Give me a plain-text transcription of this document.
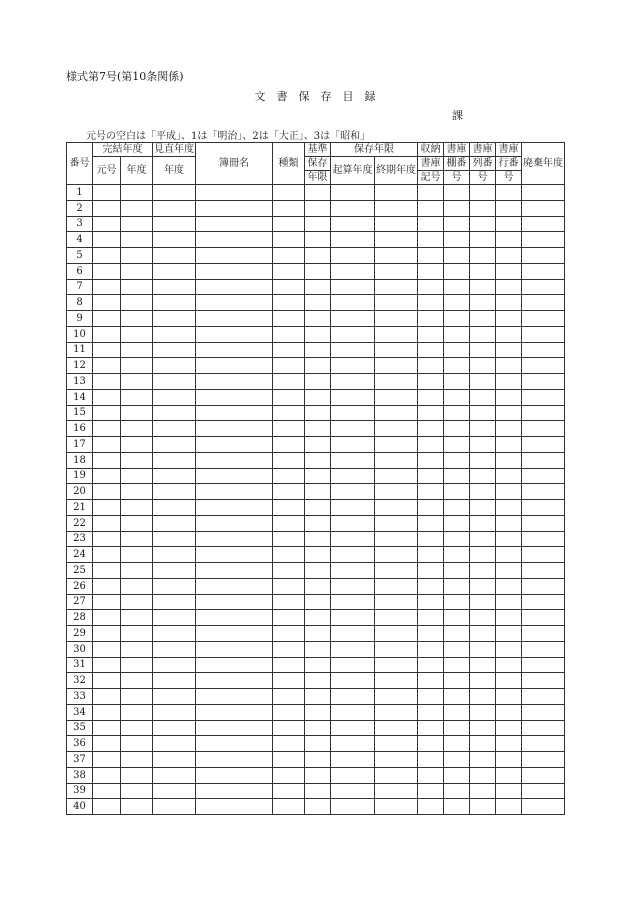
様式第7号(第10条関係)
文　書　保　存　目　録
課
元号の空白は「平成」、1は「明治」、2は「大正」、3は「昭和」
番号	完結年度		見直年度	簿冊名	種類	基準	保存年限		収納	書庫	書庫	書庫	廃棄年度
	元号	年度	年度			保存	起算年度	終期年度	書庫	棚番	列番	行番	
						年限			記号	号	号	号	
1													
2													
3													
4													
5													
6													
7													
8													
9													
10													
11													
12													
13													
14													
15													
16													
17													
18													
19													
20													
21													
22													
23													
24													
25													
26													
27													
28													
29													
30													
31													
32													
33													
34													
35													
36													
37													
38													
39													
40													
